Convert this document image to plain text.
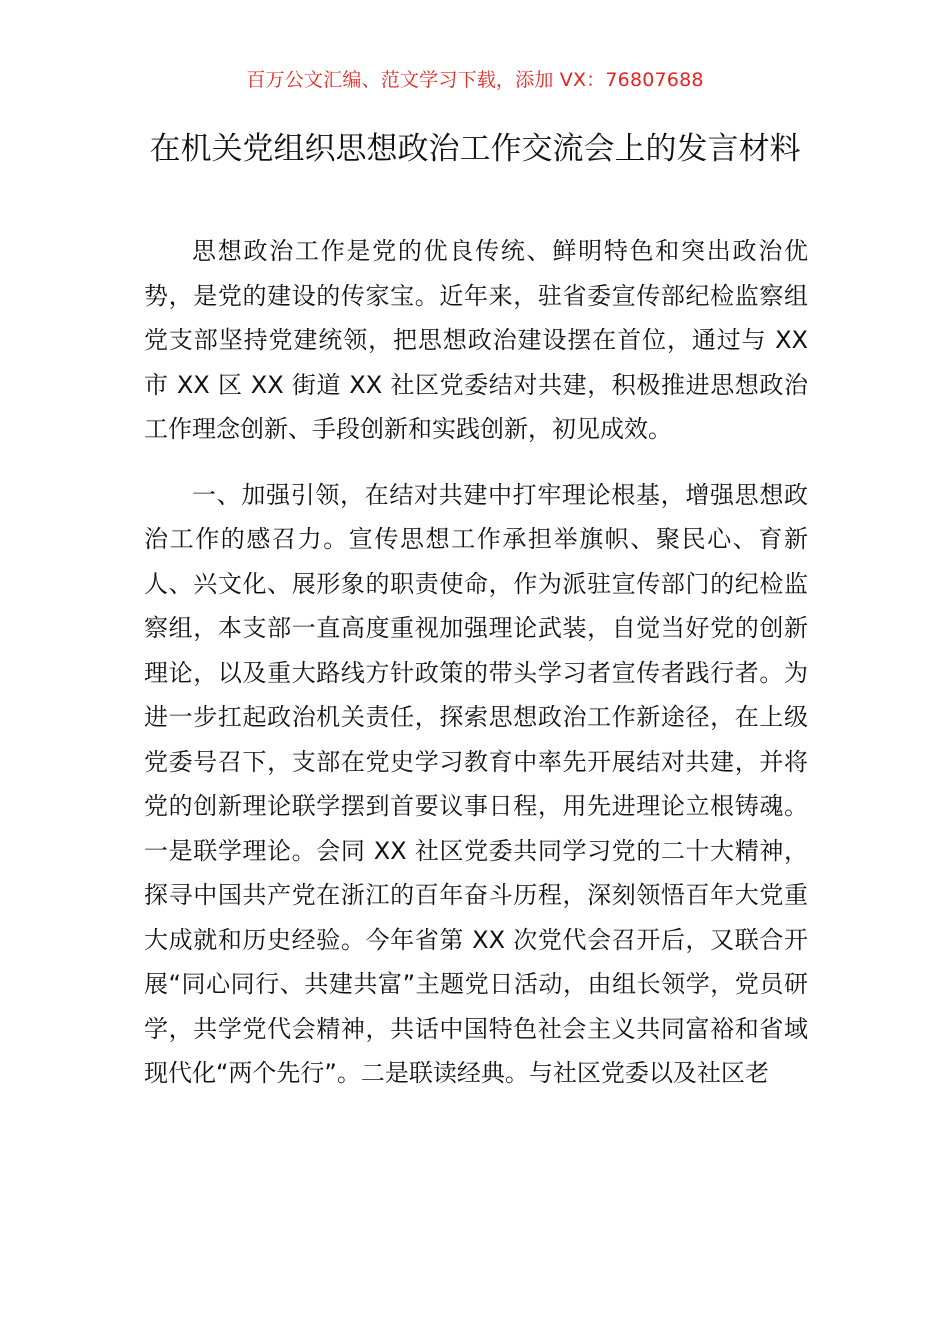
百万公文汇编、范文学习下载，添加 VX：76807688
在机关党组织思想政治工作交流会上的发言材料

思想政治工作是党的优良传统、鲜明特色和突出政治优势，是党的建设的传家宝。近年来，驻省委宣传部纪检监察组党支部坚持党建统领，把思想政治建设摆在首位，通过与 XX 市 XX 区 XX 街道 XX 社区党委结对共建，积极推进思想政治工作理念创新、手段创新和实践创新，初见成效。

一、加强引领，在结对共建中打牢理论根基，增强思想政治工作的感召力。宣传思想工作承担举旗帜、聚民心、育新人、兴文化、展形象的职责使命，作为派驻宣传部门的纪检监察组，本支部一直高度重视加强理论武装，自觉当好党的创新理论，以及重大路线方针政策的带头学习者宣传者践行者。为进一步扛起政治机关责任，探索思想政治工作新途径，在上级党委号召下，支部在党史学习教育中率先开展结对共建，并将党的创新理论联学摆到首要议事日程，用先进理论立根铸魂。一是联学理论。会同 XX 社区党委共同学习党的二十大精神，探寻中国共产党在浙江的百年奋斗历程，深刻领悟百年大党重大成就和历史经验。今年省第 XX 次党代会召开后，又联合开展“同心同行、共建共富”主题党日活动，由组长领学，党员研学，共学党代会精神，共话中国特色社会主义共同富裕和省域现代化“两个先行”。二是联读经典。与社区党委以及社区老
